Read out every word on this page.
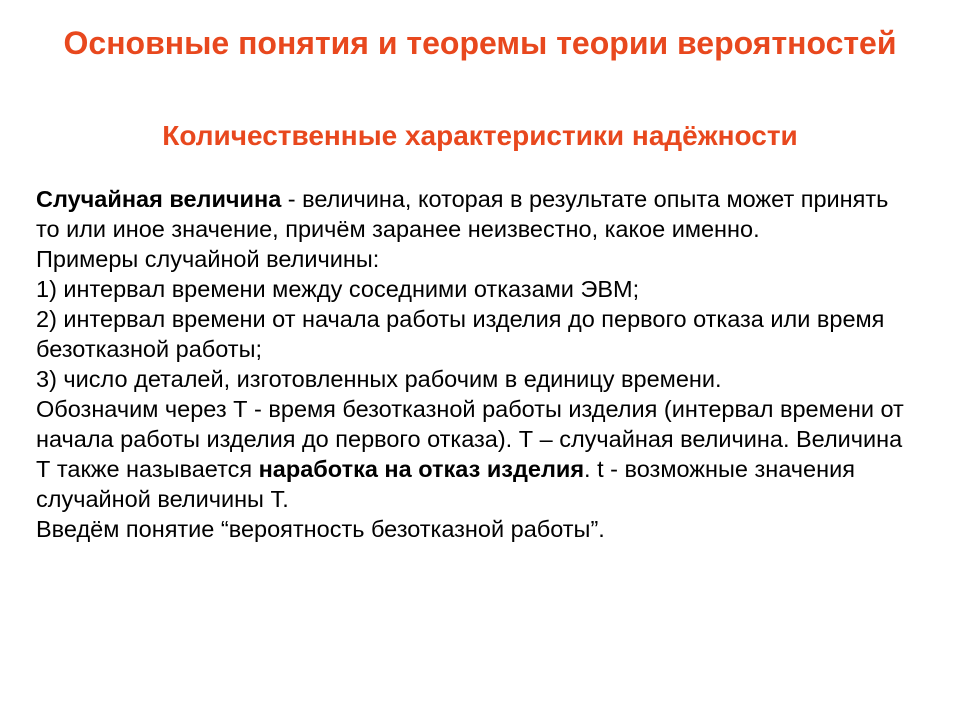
Основные понятия и теоремы теории вероятностей
Количественные характеристики надёжности

Случайная величина - величина, которая в результате опыта может принять то или иное значение, причём заранее неизвестно, какое именно.

Примеры случайной величины:

1) интервал времени между соседними отказами ЭВМ;

2) интервал времени от начала работы изделия до первого отказа или время безотказной работы;

3) число деталей, изготовленных рабочим в единицу времени.

Обозначим через Т - время безотказной работы изделия (интервал времени от начала работы изделия до первого отказа). Т – случайная величина. Величина Т также называется наработка на отказ изделия. t - возможные значения случайной величины Т.

Введём понятие “вероятность безотказной работы”.
